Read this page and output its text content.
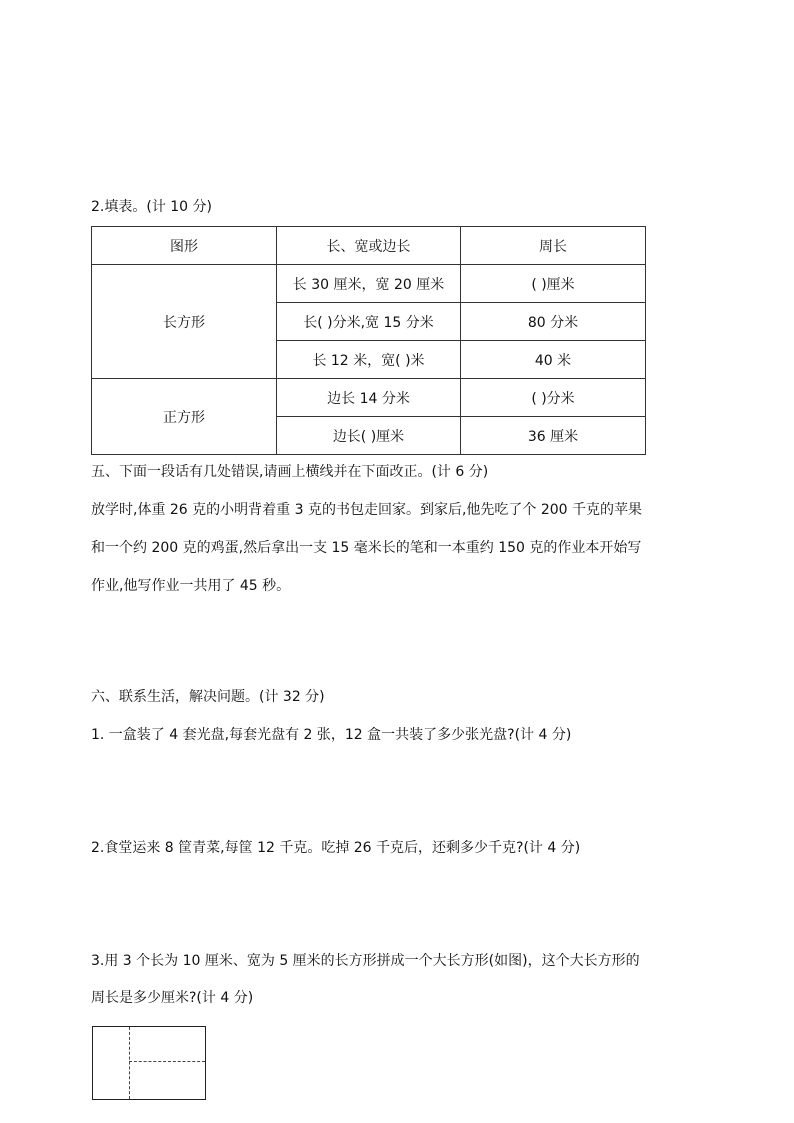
2.填表。(计 10 分)
图形	长、宽或边长	周长
长方形	长 30 厘米，宽 20 厘米	( )厘米
	长( )分米,宽 15 分米	80 分米
	长 12 米，宽( )米	40 米
正方形	边长 14 分米	( )分米
	边长( )厘米	36 厘米
五、下面一段话有几处错误,请画上横线并在下面改正。(计 6 分)
放学时,体重 26 克的小明背着重 3 克的书包走回家。到家后,他先吃了个 200 千克的苹果
和一个约 200 克的鸡蛋,然后拿出一支 15 毫米长的笔和一本重约 150 克的作业本开始写
作业,他写作业一共用了 45 秒。
六、联系生活，解决问题。(计 32 分)
1. 一盒装了 4 套光盘,每套光盘有 2 张，12 盒一共装了多少张光盘?(计 4 分)
2.食堂运来 8 筐青菜,每筐 12 千克。吃掉 26 千克后，还剩多少千克?(计 4 分)
3.用 3 个长为 10 厘米、宽为 5 厘米的长方形拼成一个大长方形(如图)，这个大长方形的
周长是多少厘米?(计 4 分)
